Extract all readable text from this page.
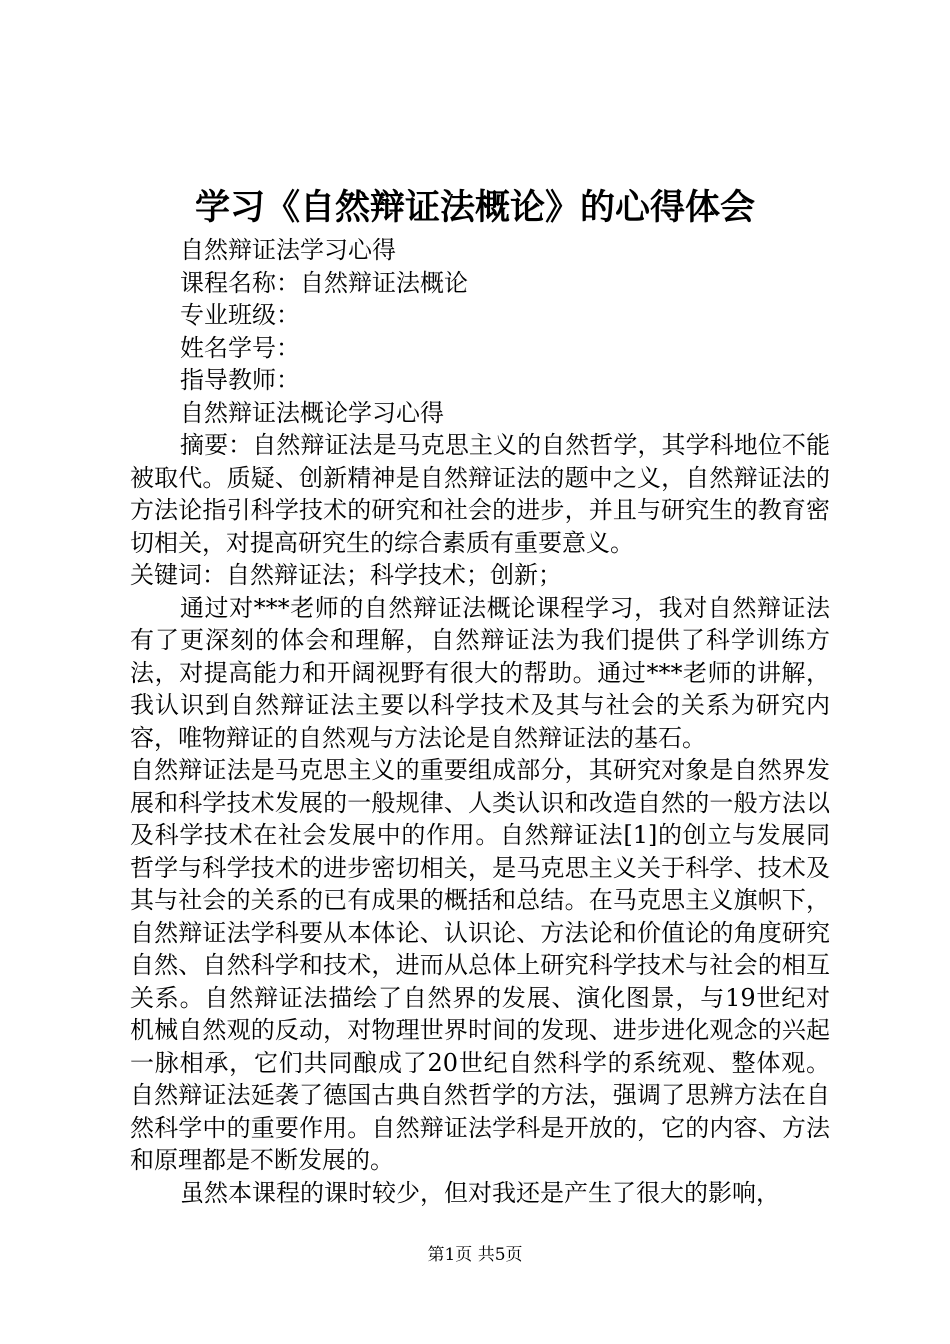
学习《自然辩证法概论》的心得体会
自然辩证法学习心得
课程名称：自然辩证法概论
专业班级：
姓名学号：
指导教师：
自然辩证法概论学习心得

摘要：自然辩证法是马克思主义的自然哲学，其学科地位不能被取代。质疑、创新精神是自然辩证法的题中之义，自然辩证法的方法论指引科学技术的研究和社会的进步，并且与研究生的教育密切相关，对提高研究生的综合素质有重要意义。

关键词：自然辩证法；科学技术；创新；

通过对***老师的自然辩证法概论课程学习，我对自然辩证法有了更深刻的体会和理解，自然辩证法为我们提供了科学训练方法，对提高能力和开阔视野有很大的帮助。通过***老师的讲解，我认识到自然辩证法主要以科学技术及其与社会的关系为研究内容，唯物辩证的自然观与方法论是自然辩证法的基石。

自然辩证法是马克思主义的重要组成部分，其研究对象是自然界发展和科学技术发展的一般规律、人类认识和改造自然的一般方法以及科学技术在社会发展中的作用。自然辩证法[1]的创立与发展同哲学与科学技术的进步密切相关，是马克思主义关于科学、技术及其与社会的关系的已有成果的概括和总结。在马克思主义旗帜下，自然辩证法学科要从本体论、认识论、方法论和价值论的角度研究自然、自然科学和技术，进而从总体上研究科学技术与社会的相互关系。自然辩证法描绘了自然界的发展、演化图景，与19世纪对机械自然观的反动，对物理世界时间的发现、进步进化观念的兴起一脉相承，它们共同酿成了20世纪自然科学的系统观、整体观。自然辩证法延袭了德国古典自然哲学的方法，强调了思辨方法在自然科学中的重要作用。自然辩证法学科是开放的，它的内容、方法和原理都是不断发展的。

虽然本课程的课时较少，但对我还是产生了很大的影响，

第1页 共5页
